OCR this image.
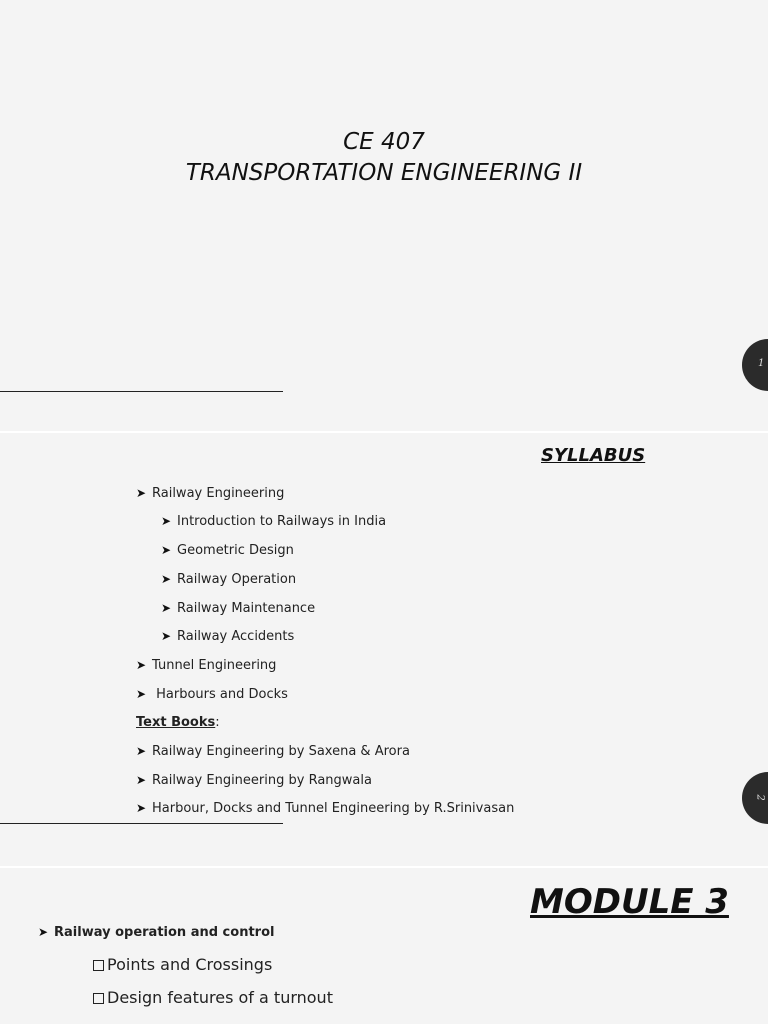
CE 407
TRANSPORTATION ENGINEERING II
1
SYLLABUS
➤ Railway Engineering
➤ Introduction to Railways in India
➤ Geometric Design
➤ Railway Operation
➤ Railway Maintenance
➤ Railway Accidents
➤ Tunnel Engineering
➤ Harbours and Docks
Text Books:
➤ Railway Engineering by Saxena & Arora
➤ Railway Engineering by Rangwala
➤ Harbour, Docks and Tunnel Engineering by R.Srinivasan
2
MODULE 3
➤ Railway operation and control
Points and Crossings
Design features of a turnout
